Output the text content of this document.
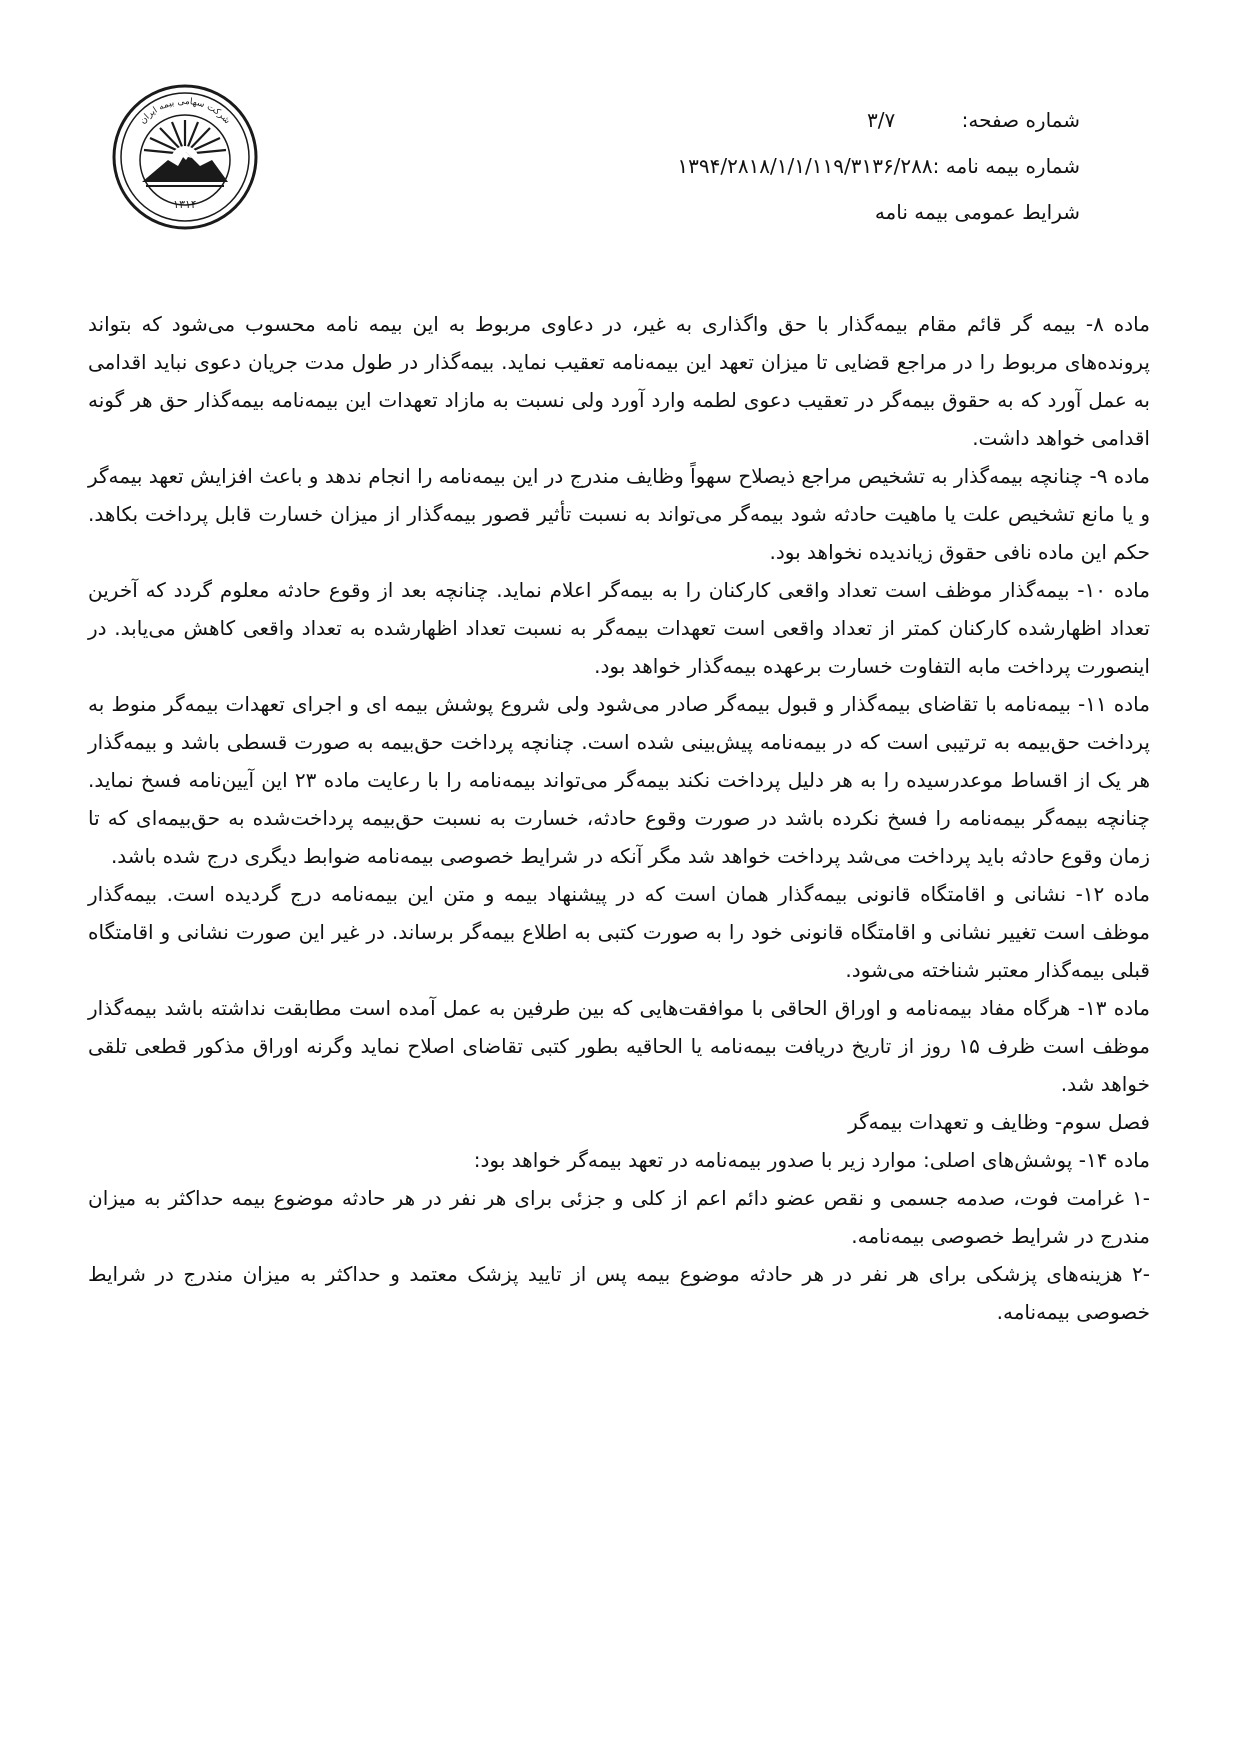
شرکت سهامی بیمه ایران
۱۳۱۴
شماره صفحه: ۳/۷
شماره بیمه نامه :۱۳۹۴/۲۸۱۸/۱/۱/۱۱۹/۳۱۳۶/۲۸۸
شرایط عمومی بیمه نامه

ماده ۸- بیمه گر قائم مقام بیمه‌گذار با حق واگذاری به غیر، در دعاوی مربوط به این بیمه نامه محسوب می‌شود که بتواند پرونده‌های مربوط را در مراجع قضایی تا میزان تعهد این بیمه‌نامه تعقیب نماید. بیمه‌گذار در طول مدت جریان دعوی نباید اقدامی به عمل آورد که به حقوق بیمه‌گر در تعقیب دعوی لطمه وارد آورد ولی نسبت به مازاد تعهدات این بیمه‌نامه بیمه‌گذار حق هر گونه اقدامی خواهد داشت.

ماده ۹- چنانچه بیمه‌گذار به تشخیص مراجع ذیصلاح سهواً وظایف مندرج در این بیمه‌نامه را انجام ندهد و باعث افزایش تعهد بیمه‌گر و یا مانع تشخیص علت یا ماهیت حادثه شود بیمه‌گر می‌تواند به نسبت تأثیر قصور بیمه‌گذار از میزان خسارت قابل پرداخت بکاهد. حکم این ماده نافی حقوق زیاندیده نخواهد بود.

ماده ۱۰- بیمه‌گذار موظف است تعداد واقعی کارکنان را به بیمه‌گر اعلام نماید. چنانچه بعد از وقوع حادثه معلوم گردد که آخرین تعداد اظهارشده کارکنان کمتر از تعداد واقعی است تعهدات بیمه‌گر به نسبت تعداد اظهارشده به تعداد واقعی کاهش می‌یابد. در اینصورت پرداخت مابه التفاوت خسارت برعهده بیمه‌گذار خواهد بود.

ماده ۱۱- بیمه‌نامه با تقاضای بیمه‌گذار و قبول بیمه‌گر صادر می‌شود ولی شروع پوشش بیمه ای و اجرای تعهدات بیمه‌گر منوط به پرداخت حق‌بیمه به ترتیبی است که در بیمه‌نامه پیش‌بینی شده است. چنانچه پرداخت حق‌بیمه به صورت قسطی باشد و بیمه‌گذار هر یک از اقساط موعدرسیده را به هر دلیل پرداخت نکند بیمه‌گر می‌تواند بیمه‌نامه را با رعایت ماده ۲۳ این آیین‌نامه فسخ نماید. چنانچه بیمه‌گر بیمه‌نامه را فسخ نکرده باشد در صورت وقوع حادثه، خسارت به نسبت حق‌بیمه پرداخت‌شده به حق‌بیمه‌ای که تا زمان وقوع حادثه باید پرداخت می‌شد پرداخت خواهد شد مگر آنکه در شرایط خصوصی بیمه‌نامه ضوابط دیگری درج شده باشد.

ماده ۱۲- نشانی و اقامتگاه قانونی بیمه‌گذار همان است که در پیشنهاد بیمه و متن این بیمه‌نامه درج گردیده است. بیمه‌گذار موظف است تغییر نشانی و اقامتگاه قانونی خود را به صورت کتبی به اطلاع بیمه‌گر برساند. در غیر این صورت نشانی و اقامتگاه قبلی بیمه‌گذار معتبر شناخته می‌شود.

ماده ۱۳- هرگاه مفاد بیمه‌نامه و اوراق الحاقی با موافقت‌هایی که بین طرفین به عمل آمده است مطابقت نداشته باشد بیمه‌گذار موظف است ظرف ۱۵ روز از تاریخ دریافت بیمه‌نامه یا الحاقیه بطور کتبی تقاضای اصلاح نماید وگرنه اوراق مذکور قطعی تلقی خواهد شد.

فصل سوم- وظایف و تعهدات بیمه‌گر

ماده ۱۴- پوشش‌های اصلی: موارد زیر با صدور بیمه‌نامه در تعهد بیمه‌گر خواهد بود:

-۱ غرامت فوت، صدمه جسمی و نقص عضو دائم اعم از کلی و جزئی برای هر نفر در هر حادثه موضوع بیمه حداکثر به میزان مندرج در شرایط خصوصی بیمه‌نامه.

-۲ هزینه‌های پزشکی برای هر نفر در هر حادثه موضوع بیمه پس از تایید پزشک معتمد و حداکثر به میزان مندرج در شرایط خصوصی بیمه‌نامه.
